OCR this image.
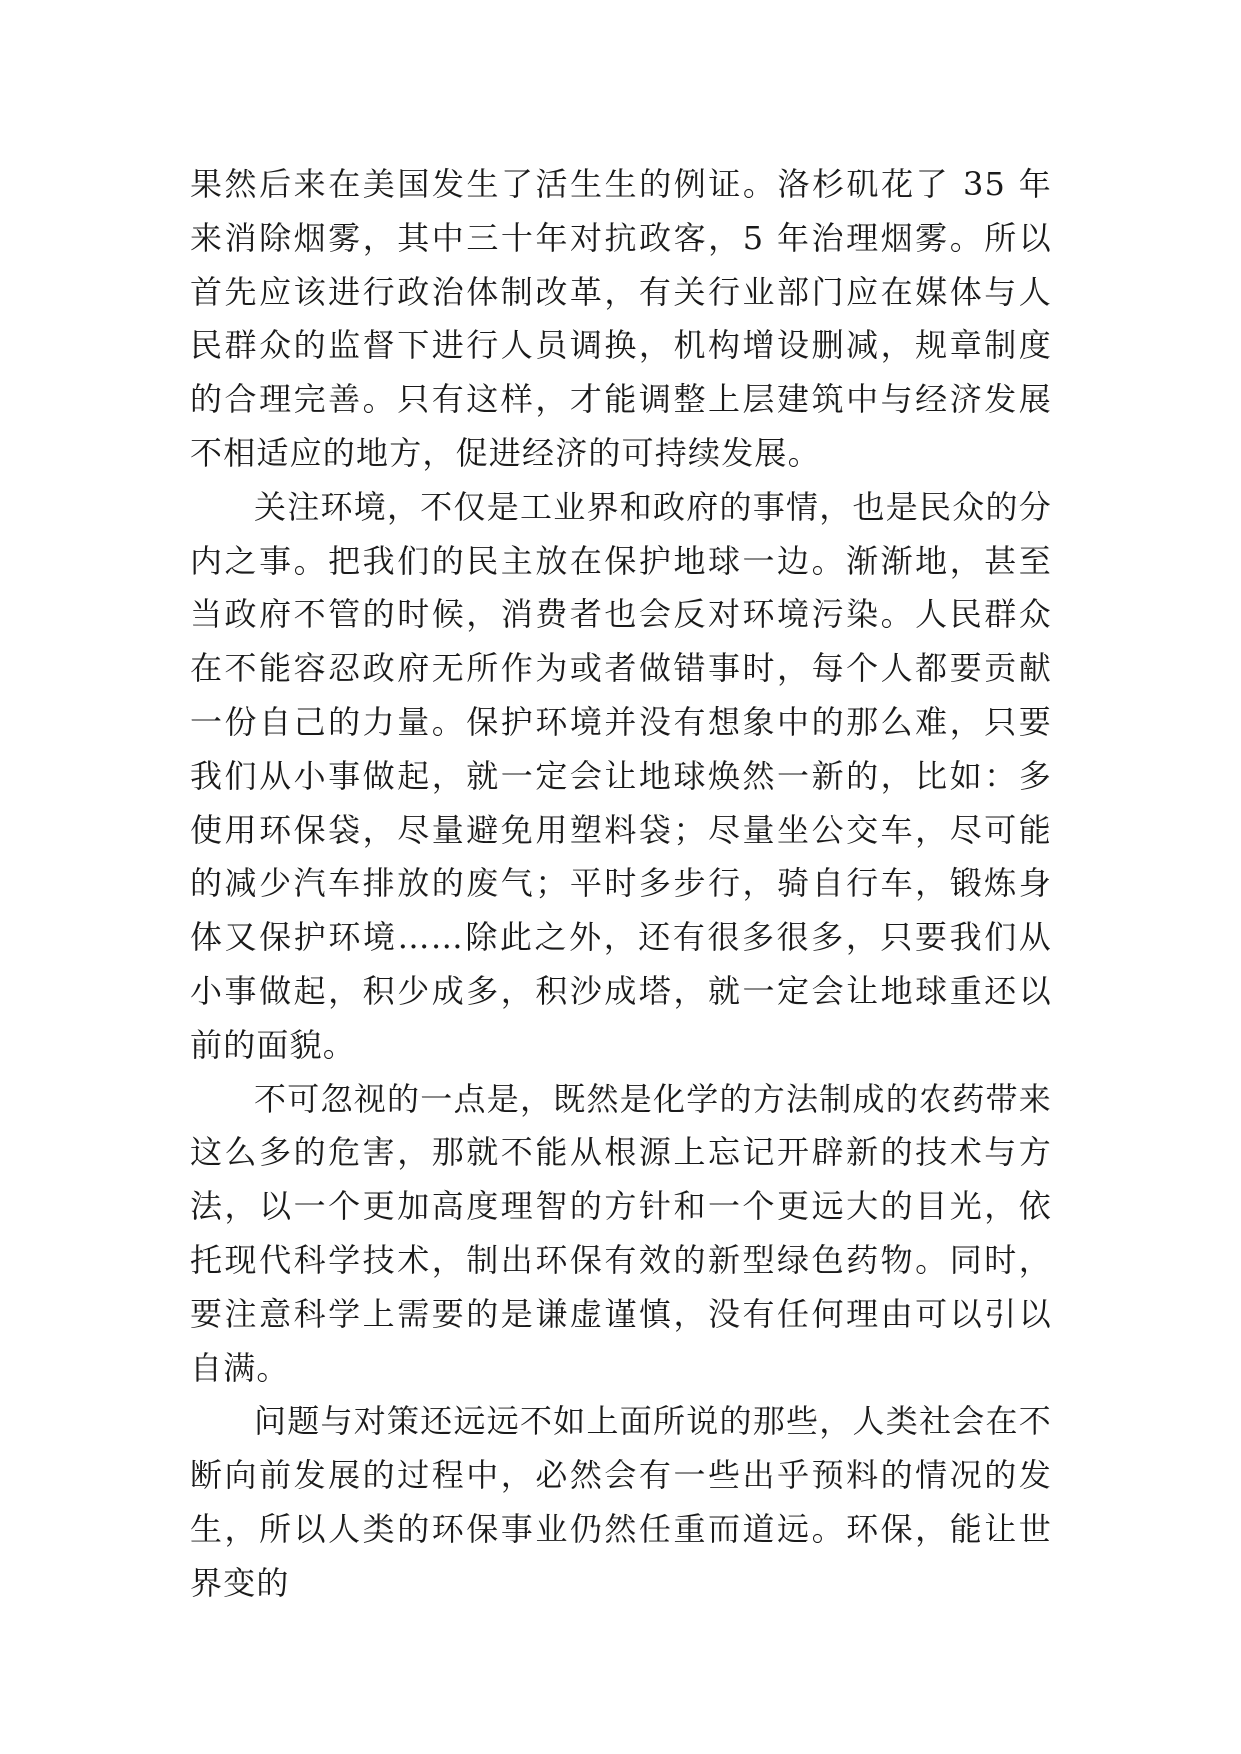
果然后来在美国发生了活生生的例证。洛杉矶花了 35 年来消除烟雾，其中三十年对抗政客，5 年治理烟雾。所以首先应该进行政治体制改革，有关行业部门应在媒体与人民群众的监督下进行人员调换，机构增设删减，规章制度的合理完善。只有这样，才能调整上层建筑中与经济发展不相适应的地方，促进经济的可持续发展。

关注环境，不仅是工业界和政府的事情，也是民众的分内之事。把我们的民主放在保护地球一边。渐渐地，甚至当政府不管的时候，消费者也会反对环境污染。人民群众在不能容忍政府无所作为或者做错事时，每个人都要贡献一份自己的力量。保护环境并没有想象中的那么难，只要我们从小事做起，就一定会让地球焕然一新的，比如：多使用环保袋，尽量避免用塑料袋；尽量坐公交车，尽可能的减少汽车排放的废气；平时多步行，骑自行车，锻炼身体又保护环境……除此之外，还有很多很多，只要我们从小事做起，积少成多，积沙成塔，就一定会让地球重还以前的面貌。

不可忽视的一点是，既然是化学的方法制成的农药带来这么多的危害，那就不能从根源上忘记开辟新的技术与方法，以一个更加高度理智的方针和一个更远大的目光，依托现代科学技术，制出环保有效的新型绿色药物。同时，要注意科学上需要的是谦虚谨慎，没有任何理由可以引以自满。

问题与对策还远远不如上面所说的那些，人类社会在不断向前发展的过程中，必然会有一些出乎预料的情况的发生，所以人类的环保事业仍然任重而道远。环保，能让世界变的
